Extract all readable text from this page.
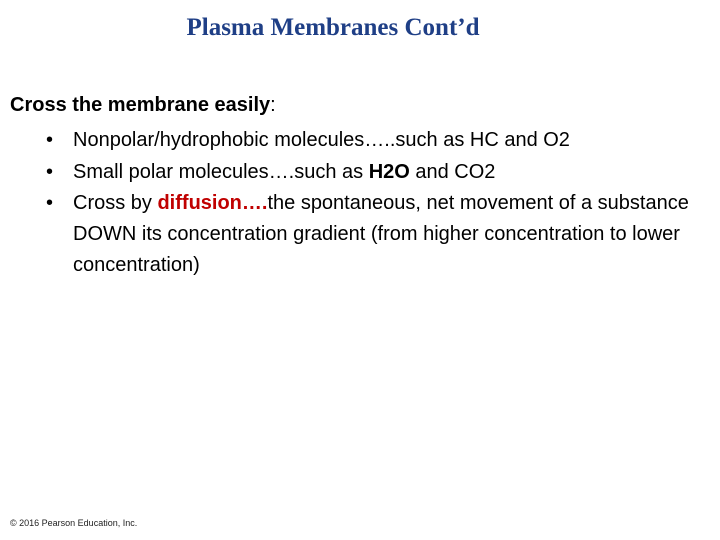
Plasma Membranes Cont’d
Cross the membrane easily:
• Nonpolar/hydrophobic molecules…..such as HC and O2
• Small polar molecules….such as H2O and CO2
• Cross by diffusion….the spontaneous, net movement of a substance DOWN its concentration gradient (from higher concentration to lower concentration)
© 2016 Pearson Education, Inc.
